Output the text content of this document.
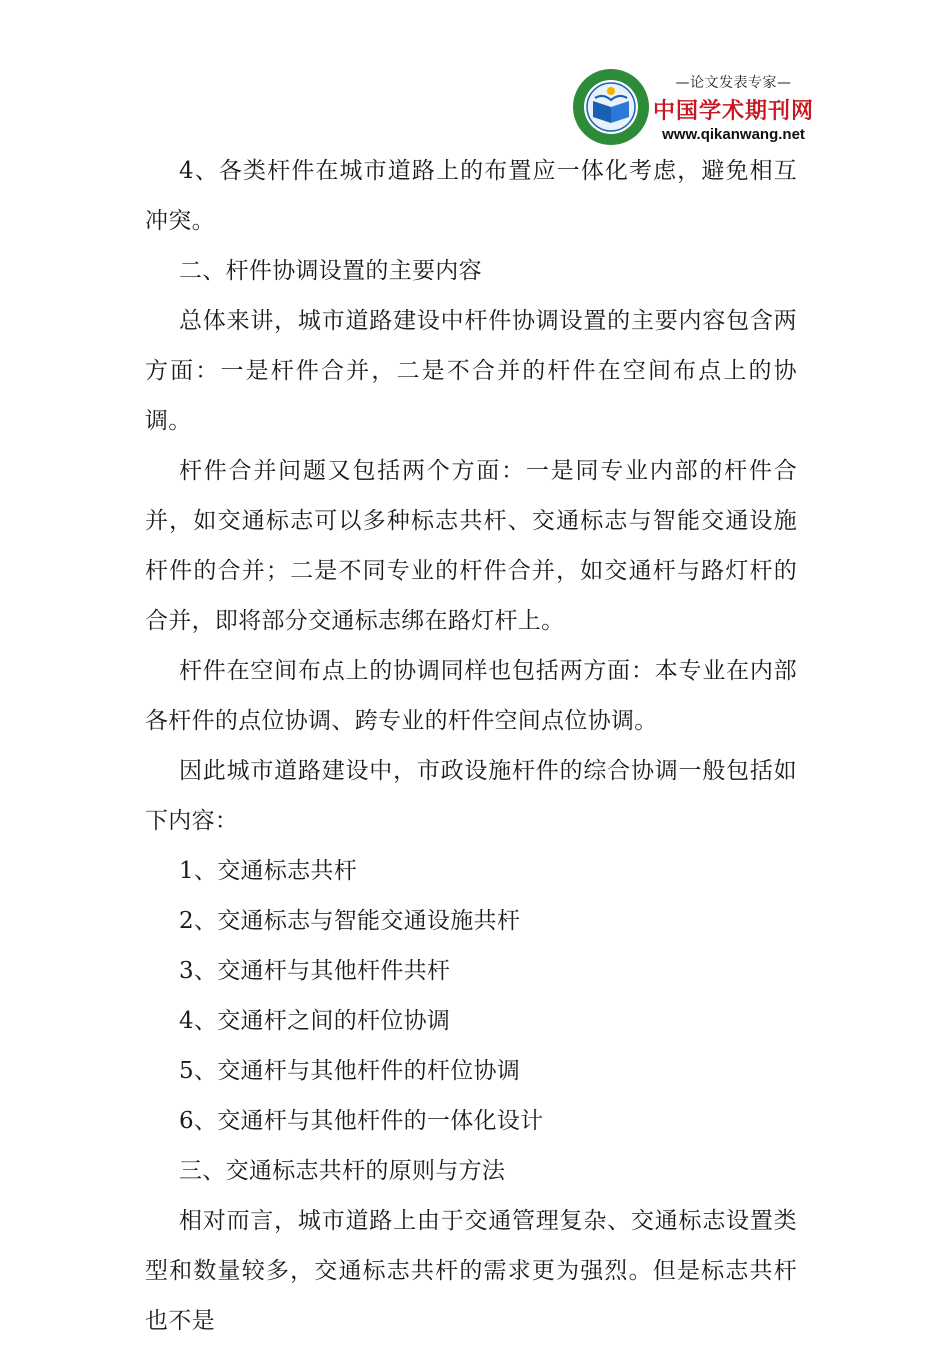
—论文发表专家—
中国学术期刊网
www.qikanwang.net

4、各类杆件在城市道路上的布置应一体化考虑，避免相互冲突。

二、杆件协调设置的主要内容

总体来讲，城市道路建设中杆件协调设置的主要内容包含两方面：一是杆件合并，二是不合并的杆件在空间布点上的协调。

杆件合并问题又包括两个方面：一是同专业内部的杆件合并，如交通标志可以多种标志共杆、交通标志与智能交通设施杆件的合并；二是不同专业的杆件合并，如交通杆与路灯杆的合并，即将部分交通标志绑在路灯杆上。

杆件在空间布点上的协调同样也包括两方面：本专业在内部各杆件的点位协调、跨专业的杆件空间点位协调。

因此城市道路建设中，市政设施杆件的综合协调一般包括如下内容：

1、交通标志共杆

2、交通标志与智能交通设施共杆

3、交通杆与其他杆件共杆

4、交通杆之间的杆位协调

5、交通杆与其他杆件的杆位协调

6、交通杆与其他杆件的一体化设计

三、交通标志共杆的原则与方法

相对而言，城市道路上由于交通管理复杂、交通标志设置类型和数量较多，交通标志共杆的需求更为强烈。但是标志共杆也不是
